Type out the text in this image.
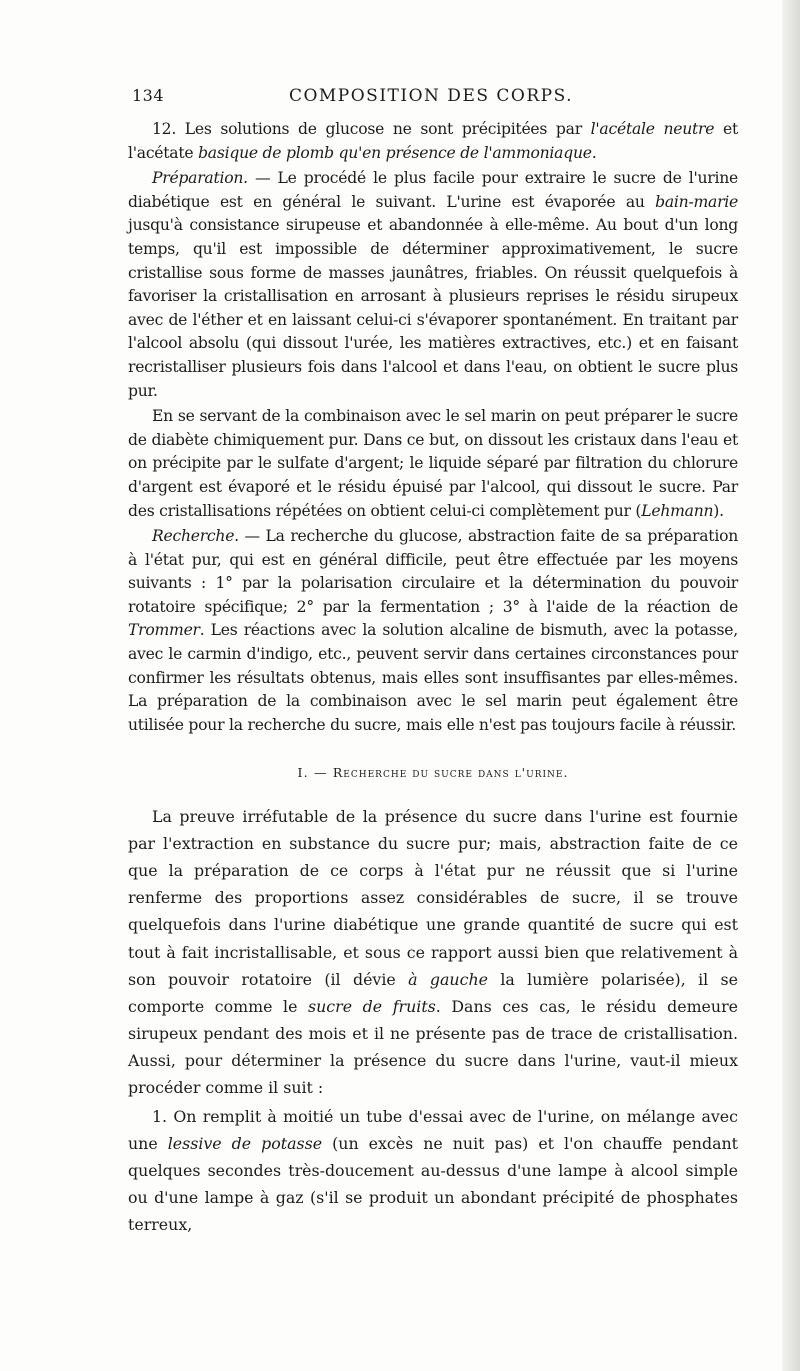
134	COMPOSITION DES CORPS.

12. Les solutions de glucose ne sont précipitées par l'acétale neutre et l'acétate basique de plomb qu'en présence de l'ammoniaque.

Préparation. — Le procédé le plus facile pour extraire le sucre de l'urine diabétique est en général le suivant. L'urine est évaporée au bain-marie jusqu'à consistance sirupeuse et abandonnée à elle-même. Au bout d'un long temps, qu'il est impossible de déterminer approximativement, le sucre cristallise sous forme de masses jaunâtres, friables. On réussit quelquefois à favoriser la cristallisation en arrosant à plusieurs reprises le résidu sirupeux avec de l'éther et en laissant celui-ci s'évaporer spontanément. En traitant par l'alcool absolu (qui dissout l'urée, les matières extractives, etc.) et en faisant recristalliser plusieurs fois dans l'alcool et dans l'eau, on obtient le sucre plus pur.

En se servant de la combinaison avec le sel marin on peut préparer le sucre de diabète chimiquement pur. Dans ce but, on dissout les cristaux dans l'eau et on précipite par le sulfate d'argent; le liquide séparé par filtration du chlorure d'argent est évaporé et le résidu épuisé par l'alcool, qui dissout le sucre. Par des cristallisations répétées on obtient celui-ci complètement pur (Lehmann).

Recherche. — La recherche du glucose, abstraction faite de sa préparation à l'état pur, qui est en général difficile, peut être effectuée par les moyens suivants : 1° par la polarisation circulaire et la détermination du pouvoir rotatoire spécifique; 2° par la fermentation ; 3° à l'aide de la réaction de Trommer. Les réactions avec la solution alcaline de bismuth, avec la potasse, avec le carmin d'indigo, etc., peuvent servir dans certaines circonstances pour confirmer les résultats obtenus, mais elles sont insuffisantes par elles-mêmes. La préparation de la combinaison avec le sel marin peut également être utilisée pour la recherche du sucre, mais elle n'est pas toujours facile à réussir.

I. — Recherche du sucre dans l'urine.

La preuve irréfutable de la présence du sucre dans l'urine est fournie par l'extraction en substance du sucre pur; mais, abstraction faite de ce que la préparation de ce corps à l'état pur ne réussit que si l'urine renferme des proportions assez considérables de sucre, il se trouve quelquefois dans l'urine diabétique une grande quantité de sucre qui est tout à fait incristallisable, et sous ce rapport aussi bien que relativement à son pouvoir rotatoire (il dévie à gauche la lumière polarisée), il se comporte comme le sucre de fruits. Dans ces cas, le résidu demeure sirupeux pendant des mois et il ne présente pas de trace de cristallisation. Aussi, pour déterminer la présence du sucre dans l'urine, vaut-il mieux procéder comme il suit :

1. On remplit à moitié un tube d'essai avec de l'urine, on mélange avec une lessive de potasse (un excès ne nuit pas) et l'on chauffe pendant quelques secondes très-doucement au-dessus d'une lampe à alcool simple ou d'une lampe à gaz (s'il se produit un abondant précipité de phosphates terreux,
